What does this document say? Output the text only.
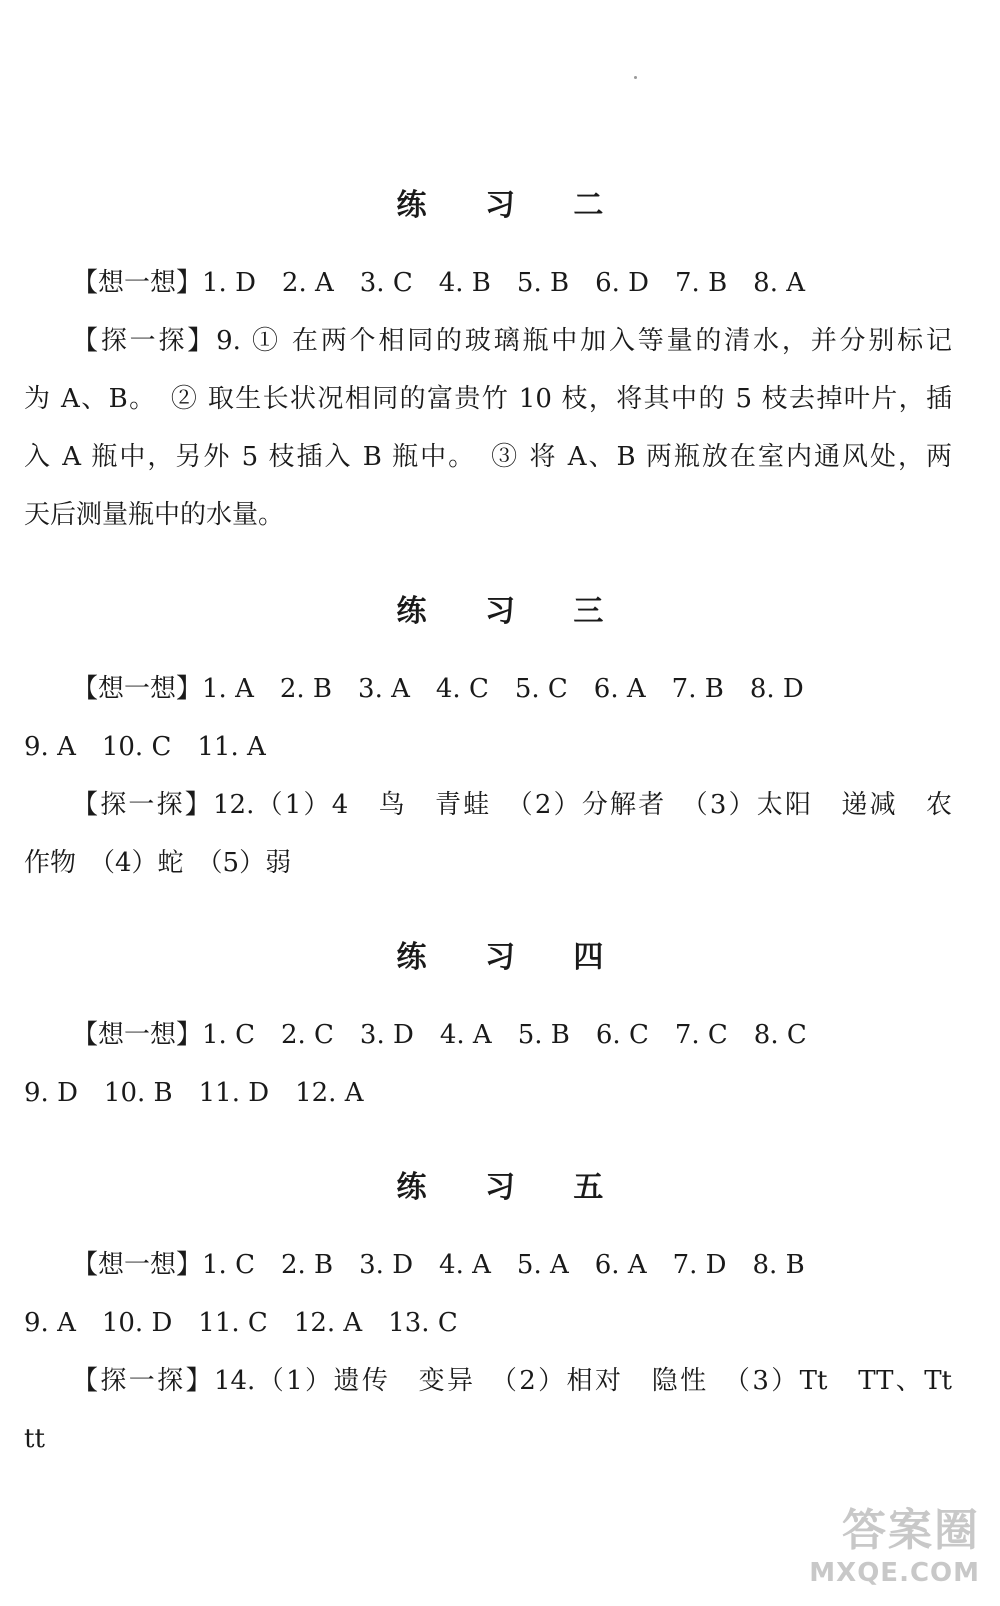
练 习 二

【想一想】1. D　2. A　3. C　4. B　5. B　6. D　7. B　8. A

【探一探】9. ① 在两个相同的玻璃瓶中加入等量的清水，并分别标记

为 A、B。　② 取生长状况相同的富贵竹 10 枝，将其中的 5 枝去掉叶片，插

入 A 瓶中，另外 5 枝插入 B 瓶中。　③ 将 A、B 两瓶放在室内通风处，两

天后测量瓶中的水量。

练 习 三

【想一想】1. A　2. B　3. A　4. C　5. C　6. A　7. B　8. D

9. A　10. C　11. A

【探一探】12.（1）4　鸟　青蛙　（2）分解者　（3）太阳　递减　农

作物　（4）蛇　（5）弱

练 习 四

【想一想】1. C　2. C　3. D　4. A　5. B　6. C　7. C　8. C

9. D　10. B　11. D　12. A

练 习 五

【想一想】1. C　2. B　3. D　4. A　5. A　6. A　7. D　8. B

9. A　10. D　11. C　12. A　13. C

【探一探】14.（1）遗传　变异　（2）相对　隐性　（3）Tt　TT、Tt

tt

答案圈
MXQE.COM
